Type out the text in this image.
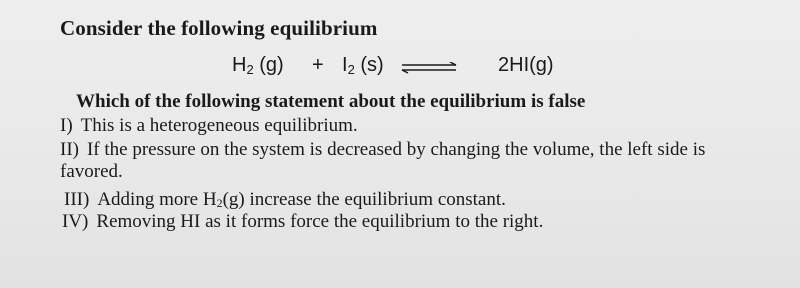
Consider the following equilibrium
$H_2$ $(g) + I_2$ (s) ⇌ 2HI(g)
Which of the following statement about the equilibrium is false
I) This is a heterogeneous equilibrium.
II) If the pressure on the system is decreased by changing the volume, the left side is favored.
III) Adding more H2(g) increase the equilibrium constant.
IV) Removing HI as it forms force the equilibrium to the right.
